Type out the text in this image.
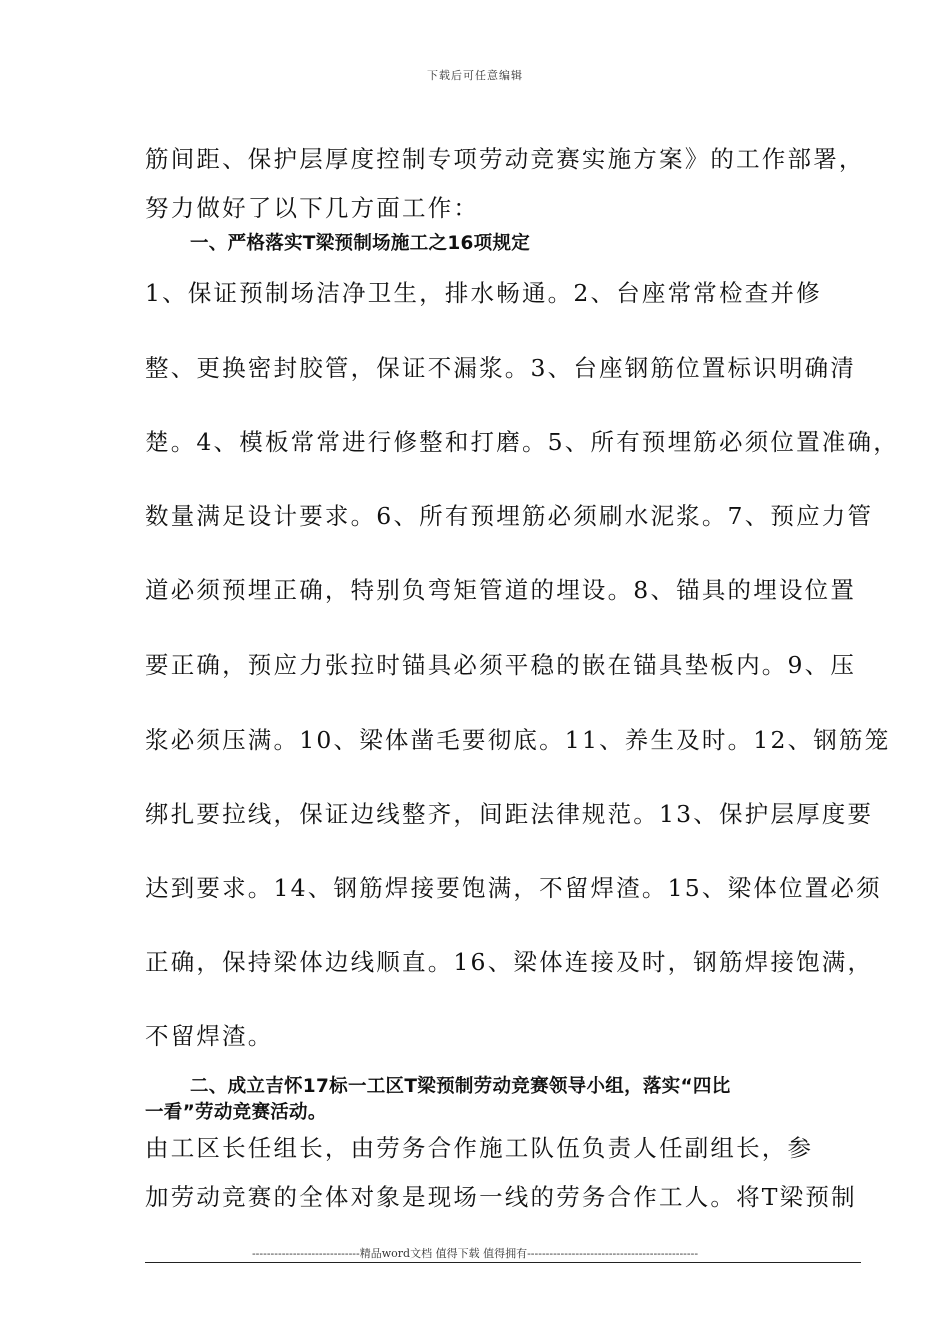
下载后可任意编辑
筋间距、保护层厚度控制专项劳动竞赛实施方案》的工作部署，
努力做好了以下几方面工作：
一、严格落实T梁预制场施工之16项规定
1、保证预制场洁净卫生，排水畅通。2、台座常常检查并修
整、更换密封胶管，保证不漏浆。3、台座钢筋位置标识明确清
楚。4、模板常常进行修整和打磨。5、所有预埋筋必须位置准确，
数量满足设计要求。6、所有预埋筋必须刷水泥浆。7、预应力管
道必须预埋正确，特别负弯矩管道的埋设。8、锚具的埋设位置
要正确，预应力张拉时锚具必须平稳的嵌在锚具垫板内。9、压
浆必须压满。10、梁体凿毛要彻底。11、养生及时。12、钢筋笼
绑扎要拉线，保证边线整齐，间距法律规范。13、保护层厚度要
达到要求。14、钢筋焊接要饱满，不留焊渣。15、梁体位置必须
正确，保持梁体边线顺直。16、梁体连接及时，钢筋焊接饱满，
不留焊渣。
二、成立吉怀17标一工区T梁预制劳动竞赛领导小组，落实“四比
一看”劳动竞赛活动。
由工区长任组长，由劳务合作施工队伍负责人任副组长，参
加劳动竞赛的全体对象是现场一线的劳务合作工人。将T梁预制
-----------------------------精品word文档 值得下载 值得拥有----------------------------------------------
